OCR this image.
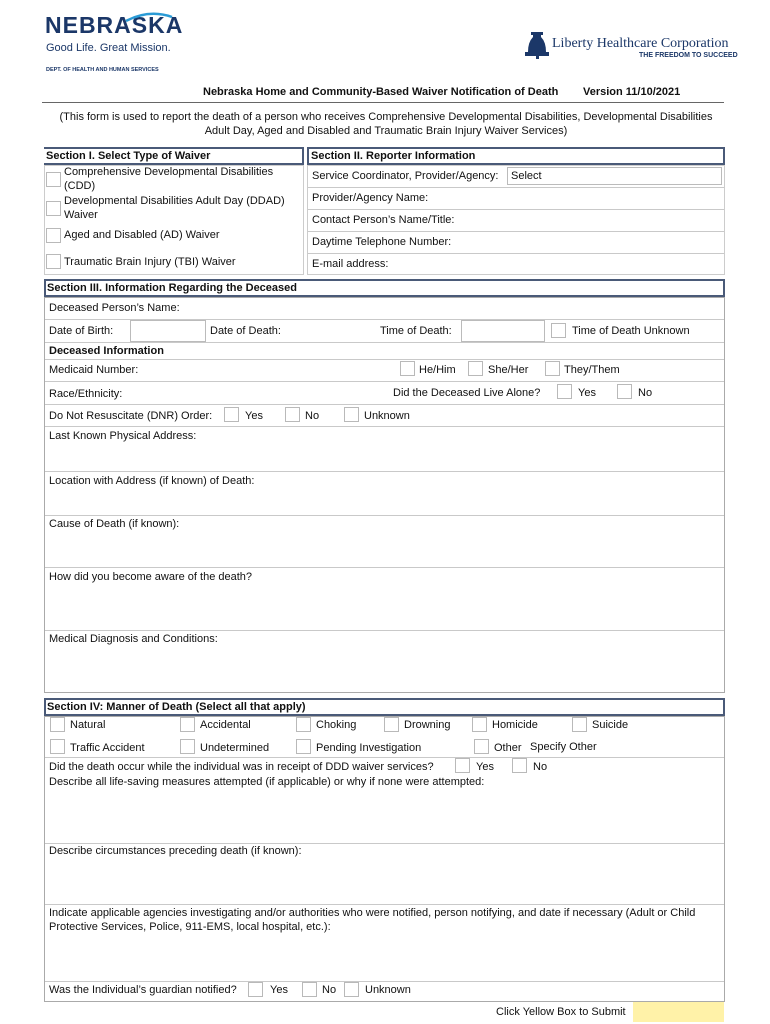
NEBRASKA
Good Life. Great Mission.
DEPT. OF HEALTH AND HUMAN SERVICES
Liberty Healthcare Corporation
THE FREEDOM TO SUCCEED
Nebraska Home and Community-Based Waiver Notification of Death Version 11/10/2021
(This form is used to report the death of a person who receives Comprehensive Developmental Disabilities, Developmental Disabilities Adult Day, Aged and Disabled and Traumatic Brain Injury Waiver Services)
Section I. Select Type of Waiver
Comprehensive Developmental Disabilities
(CDD)
Developmental Disabilities Adult Day (DDAD)
Waiver
Aged and Disabled (AD) Waiver
Traumatic Brain Injury (TBI) Waiver
Section II. Reporter Information
Service Coordinator, Provider/Agency: Select
Provider/Agency Name:
Contact Person’s Name/Title:
Daytime Telephone Number:
E-mail address:
Section III. Information Regarding the Deceased
Deceased Person’s Name:
Date of Birth:	Date of Death:	Time of Death:	Time of Death Unknown
Deceased Information
Medicaid Number:	He/Him	She/Her	They/Them
Race/Ethnicity:	Did the Deceased Live Alone?	Yes	No
Do Not Resuscitate (DNR) Order:	Yes	No	Unknown
Last Known Physical Address:
Location with Address (if known) of Death:
Cause of Death (if known):
How did you become aware of the death?
Medical Diagnosis and Conditions:
Section IV: Manner of Death (Select all that apply)
Natural	Accidental	Choking	Drowning	Homicide	Suicide
Traffic Accident	Undetermined	Pending Investigation	Other Specify Other
Did the death occur while the individual was in receipt of DDD waiver services?	Yes	No
Describe all life-saving measures attempted (if applicable) or why if none were attempted:
Describe circumstances preceding death (if known):
Indicate applicable agencies investigating and/or authorities who were notified, person notifying, and date if necessary (Adult or Child Protective Services, Police, 911-EMS, local hospital, etc.):
Was the Individual’s guardian notified?	Yes	No	Unknown
Click Yellow Box to Submit
